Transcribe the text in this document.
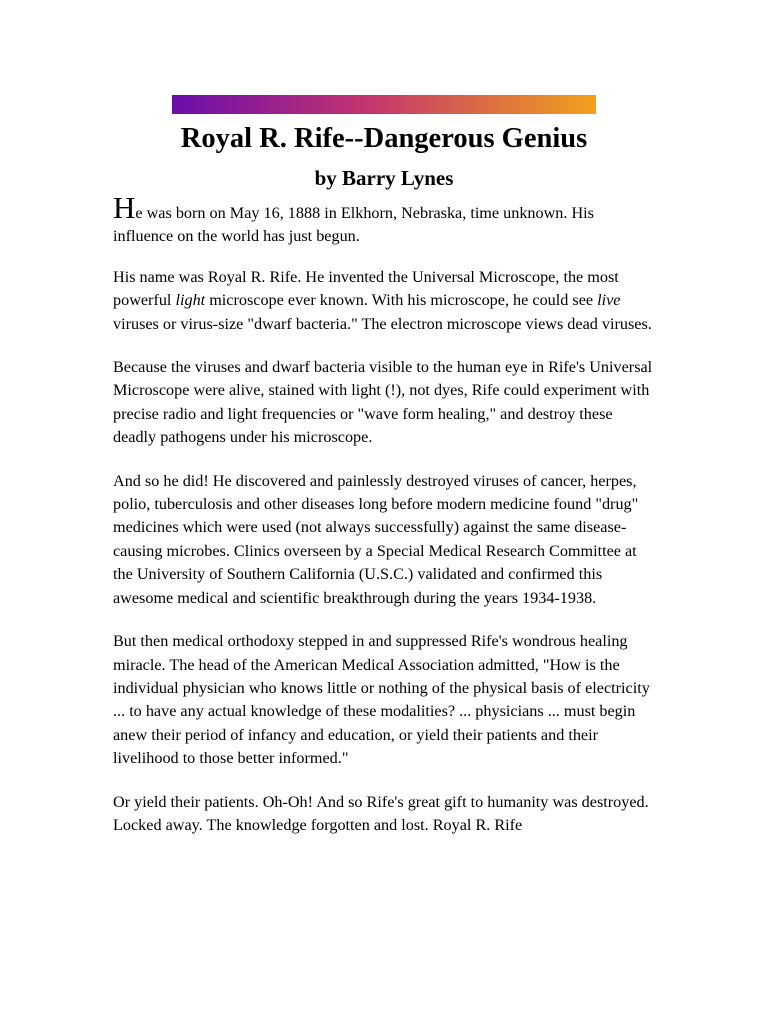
Royal R. Rife--Dangerous Genius
by Barry Lynes

He was born on May 16, 1888 in Elkhorn, Nebraska, time unknown. His influence on the world has just begun.

His name was Royal R. Rife. He invented the Universal Microscope, the most powerful light microscope ever known. With his microscope, he could see live viruses or virus-size "dwarf bacteria." The electron microscope views dead viruses.

Because the viruses and dwarf bacteria visible to the human eye in Rife's Universal Microscope were alive, stained with light (!), not dyes, Rife could experiment with precise radio and light frequencies or "wave form healing," and destroy these deadly pathogens under his microscope.

And so he did! He discovered and painlessly destroyed viruses of cancer, herpes, polio, tuberculosis and other diseases long before modern medicine found "drug" medicines which were used (not always successfully) against the same disease-causing microbes. Clinics overseen by a Special Medical Research Committee at the University of Southern California (U.S.C.) validated and confirmed this awesome medical and scientific breakthrough during the years 1934-1938.

But then medical orthodoxy stepped in and suppressed Rife's wondrous healing miracle. The head of the American Medical Association admitted, "How is the individual physician who knows little or nothing of the physical basis of electricity ... to have any actual knowledge of these modalities? ... physicians ... must begin anew their period of infancy and education, or yield their patients and their livelihood to those better informed."

Or yield their patients. Oh-Oh! And so Rife's great gift to humanity was destroyed. Locked away. The knowledge forgotten and lost. Royal R. Rife
